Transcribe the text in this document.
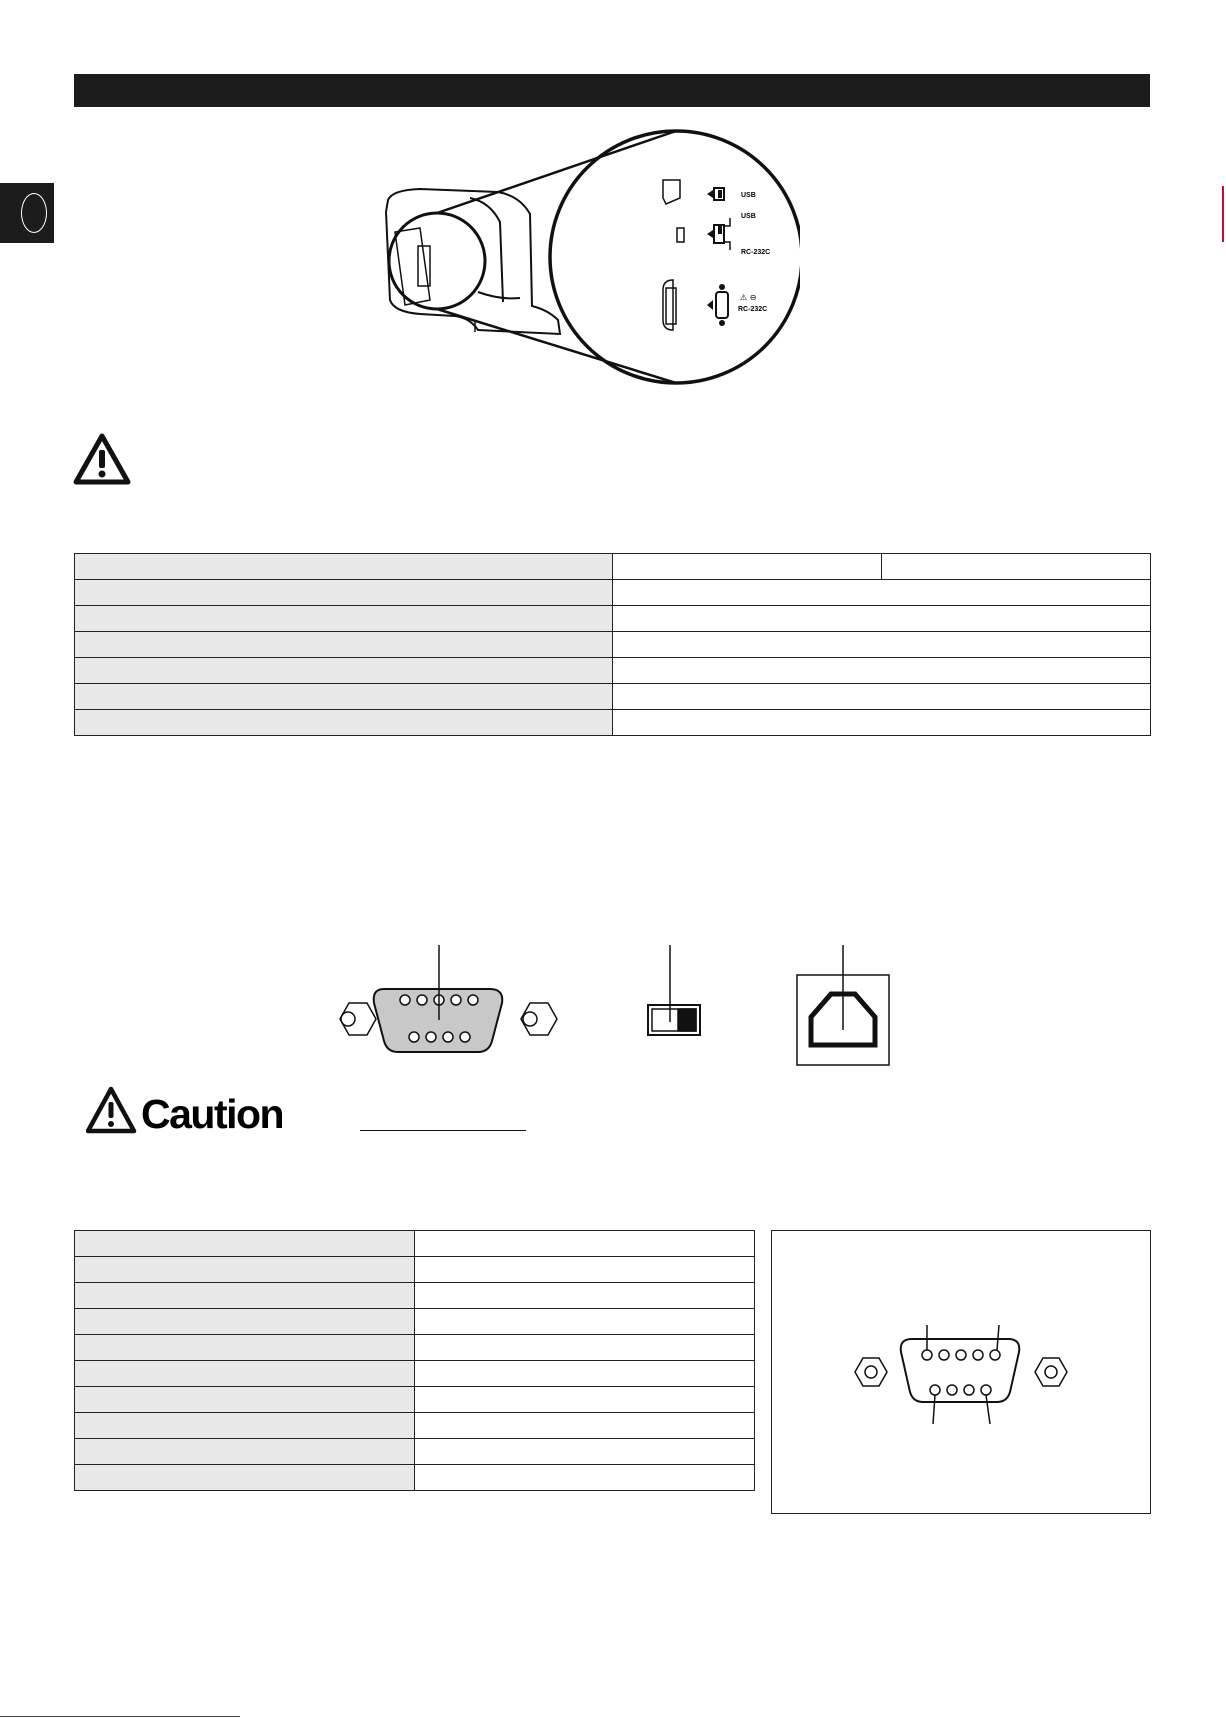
USB
USB
RC-232C
RC-232C
⚠ ⊖

Caution
